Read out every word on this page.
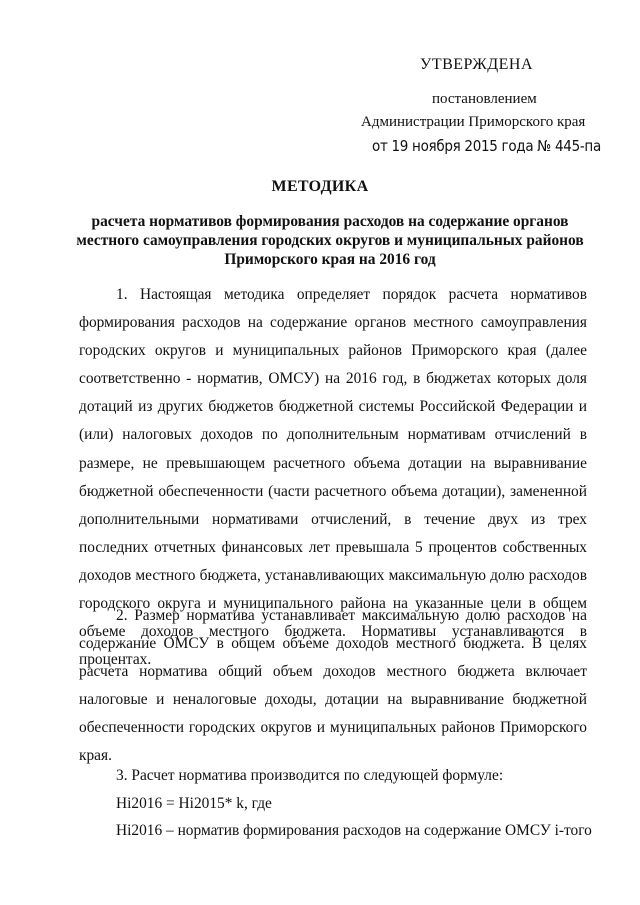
УТВЕРЖДЕНА
постановлением
Администрации Приморского края
от 19 ноября 2015 года № 445-па
МЕТОДИКА
расчета нормативов формирования расходов на содержание органов местного самоуправления городских округов и муниципальных районов Приморского края на 2016 год

1. Настоящая методика определяет порядок расчета нормативов формирования расходов на содержание органов местного самоуправления городских округов и муниципальных районов Приморского края (далее соответственно - норматив, ОМСУ) на 2016 год, в бюджетах которых доля дотаций из других бюджетов бюджетной системы Российской Федерации и (или) налоговых доходов по дополнительным нормативам отчислений в размере, не превышающем расчетного объема дотации на выравнивание бюджетной обеспеченности (части расчетного объема дотации), замененной дополнительными нормативами отчислений, в течение двух из трех последних отчетных финансовых лет превышала 5 процентов собственных доходов местного бюджета, устанавливающих максимальную долю расходов городского округа и муниципального района на указанные цели в общем объеме доходов местного бюджета. Нормативы устанавливаются в процентах.

2. Размер норматива устанавливает максимальную долю расходов на содержание ОМСУ в общем объеме доходов местного бюджета. В целях расчета норматива общий объем доходов местного бюджета включает налоговые и неналоговые доходы, дотации на выравнивание бюджетной обеспеченности городских округов и муниципальных районов Приморского края.

3. Расчет норматива производится по следующей формуле:

Нi2016 = Нi2015* k, где

Нi2016 – норматив формирования расходов на содержание ОМСУ i-того
